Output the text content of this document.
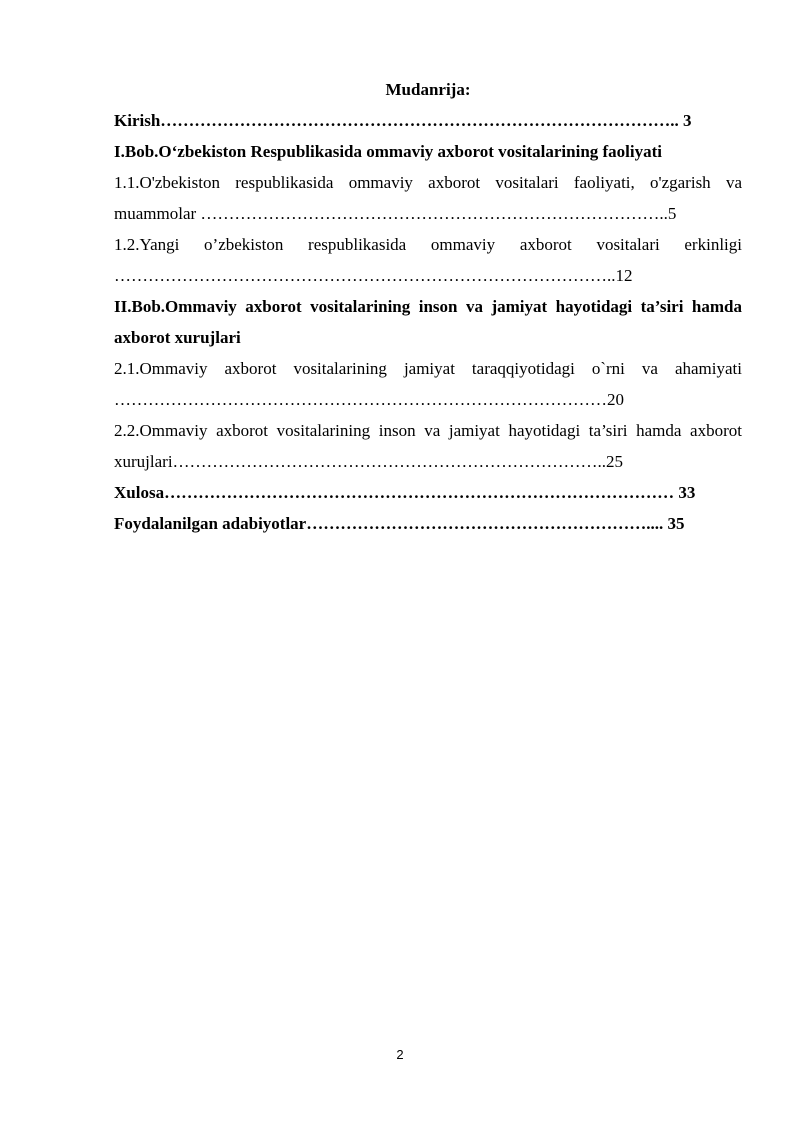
Mudanrija:

Kirish……………………………………………………………………………….. 3

I.Bob.O‘zbekiston Respublikasida ommaviy axborot vositalarining faoliyati

1.1.O'zbekiston respublikasida ommaviy axborot vositalari faoliyati, o'zgarish va muammolar ………………………………………………………………………..5

1.2.Yangi o’zbekiston respublikasida ommaviy axborot vositalari erkinligi ……………………………………………………………………………..12

II.Bob.Ommaviy axborot vositalarining inson va jamiyat hayotidagi ta’siri hamda axborot xurujlari

2.1.Ommaviy axborot vositalarining jamiyat taraqqiyotidagi o`rni va ahamiyati ……………………………………………………………………………20

2.2.Ommaviy axborot vositalarining inson va jamiyat hayotidagi ta’siri hamda axborot xurujlari…………………………………………………………………..25

Xulosa……………………………………………………………………………… 33

Foydalanilgan adabiyotlar…………………………………………………….... 35

2
